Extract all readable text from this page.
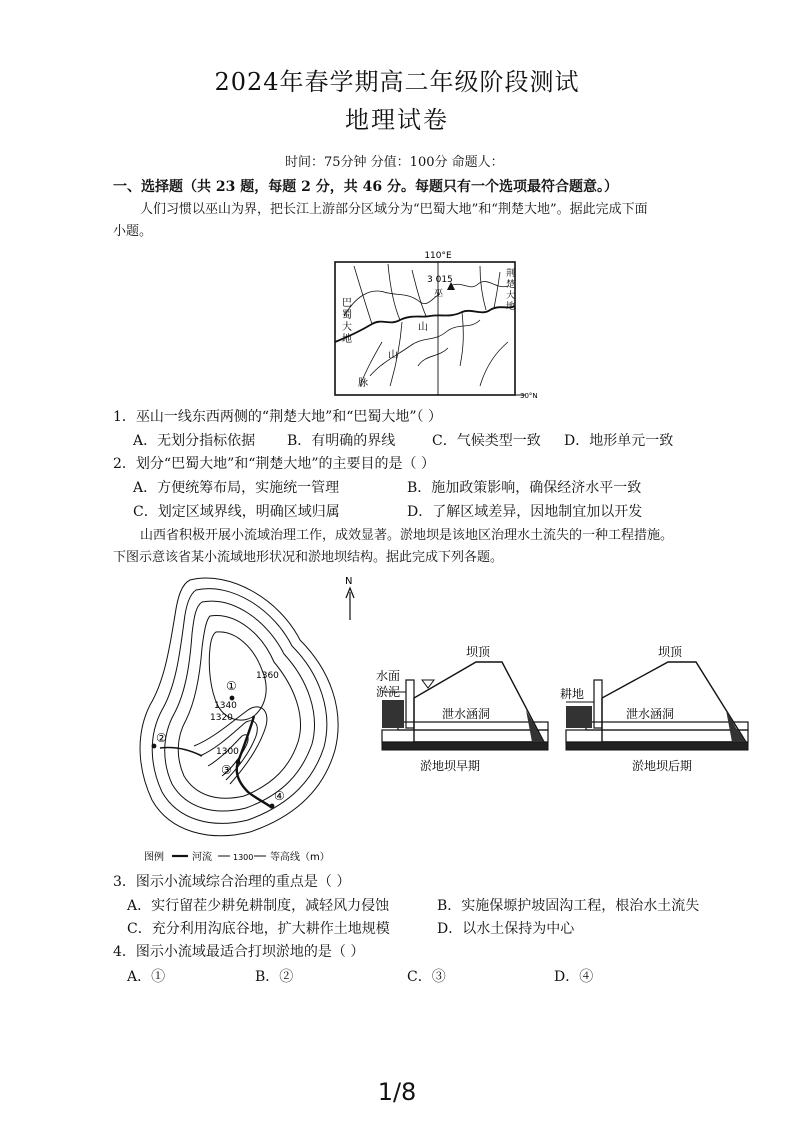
2024年春学期高二年级阶段测试
地理试卷
时间：75分钟 分值：100分 命题人：
一、选择题（共 23 题，每题 2 分，共 46 分。每题只有一个选项最符合题意。）
人们习惯以巫山为界，把长江上游部分区域分为“巴蜀大地”和“荆楚大地”。据此完成下面
小题。
110°E
30°N
3 015
巫
巴
蜀
大
地
荆
楚
大
地
山
山
脉
1．巫山一线东西两侧的“荆楚大地”和“巴蜀大地”（ ）
A．无划分指标依据 B．有明确的界线	C．气候类型一致 D．地形单元一致
2．划分“巴蜀大地”和“荆楚大地”的主要目的是（ ）
A．方便统筹布局，实施统一管理	B．施加政策影响，确保经济水平一致
C．划定区域界线，明确区域归属	D．了解区域差异，因地制宜加以开发
山西省积极开展小流域治理工作，成效显著。淤地坝是该地区治理水土流失的一种工程措施。
下图示意该省某小流域地形状况和淤地坝结构。据此完成下列各题。
N
1360
1340
1320
1300
①
②
③
④
图例	河流	1300 等高线（m）
坝顶
水面
淤泥
泄水涵洞
淤地坝早期
坝顶
耕地
泄水涵洞
淤地坝后期
3．图示小流域综合治理的重点是（ ）
A．实行留茬少耕免耕制度，减轻风力侵蚀	B．实施保塬护坡固沟工程，根治水土流失
C．充分利用沟底谷地，扩大耕作土地规模	D．以水土保持为中心
4．图示小流域最适合打坝淤地的是（ ）
A．①	B．②	C．③	D．④
1/8
